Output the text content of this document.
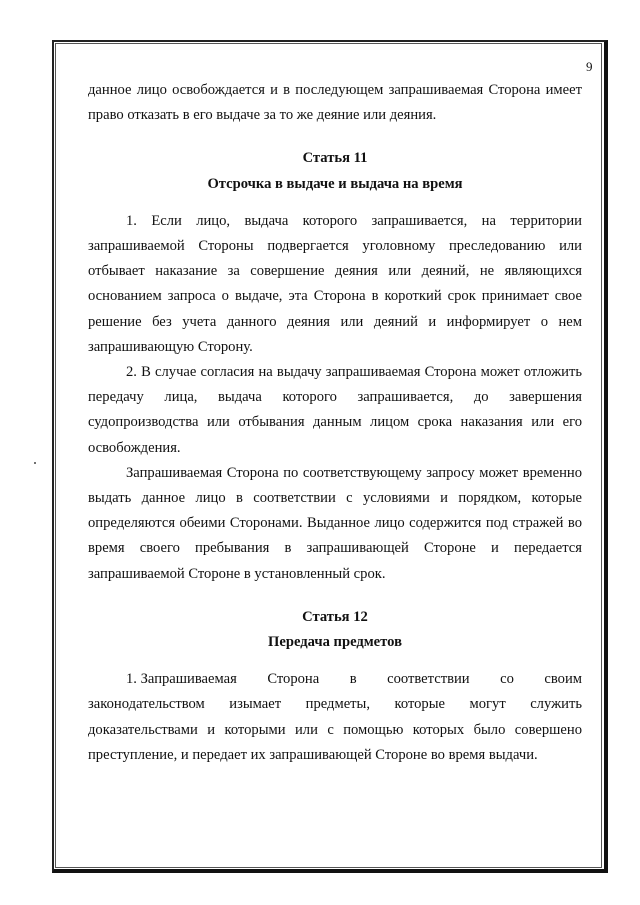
9

данное лицо освобождается и в последующем запрашиваемая Сторона имеет право отказать в его выдаче за то же деяние или деяния.

Статья 11

Отсрочка в выдаче и выдача на время

1. Если лицо, выдача которого запрашивается, на территории запрашиваемой Стороны подвергается уголовному преследованию или отбывает наказание за совершение деяния или деяний, не являющихся основанием запроса о выдаче, эта Сторона в короткий срок принимает свое решение без учета данного деяния или деяний и информирует о нем запрашивающую Сторону.

2. В случае согласия на выдачу запрашиваемая Сторона может отложить передачу лица, выдача которого запрашивается, до завершения судопроизводства или отбывания данным лицом срока наказания или его освобождения.

Запрашиваемая Сторона по соответствующему запросу может временно выдать данное лицо в соответствии с условиями и порядком, которые определяются обеими Сторонами. Выданное лицо содержится под стражей во время своего пребывания в запрашивающей Стороне и передается запрашиваемой Стороне в установленный срок.

Статья 12

Передача предметов

1. Запрашиваемая Сторона в соответствии со своим

законодательством изымает предметы, которые могут служить доказательствами и которыми или с помощью которых было совершено преступление, и передает их запрашивающей Стороне во время выдачи.
